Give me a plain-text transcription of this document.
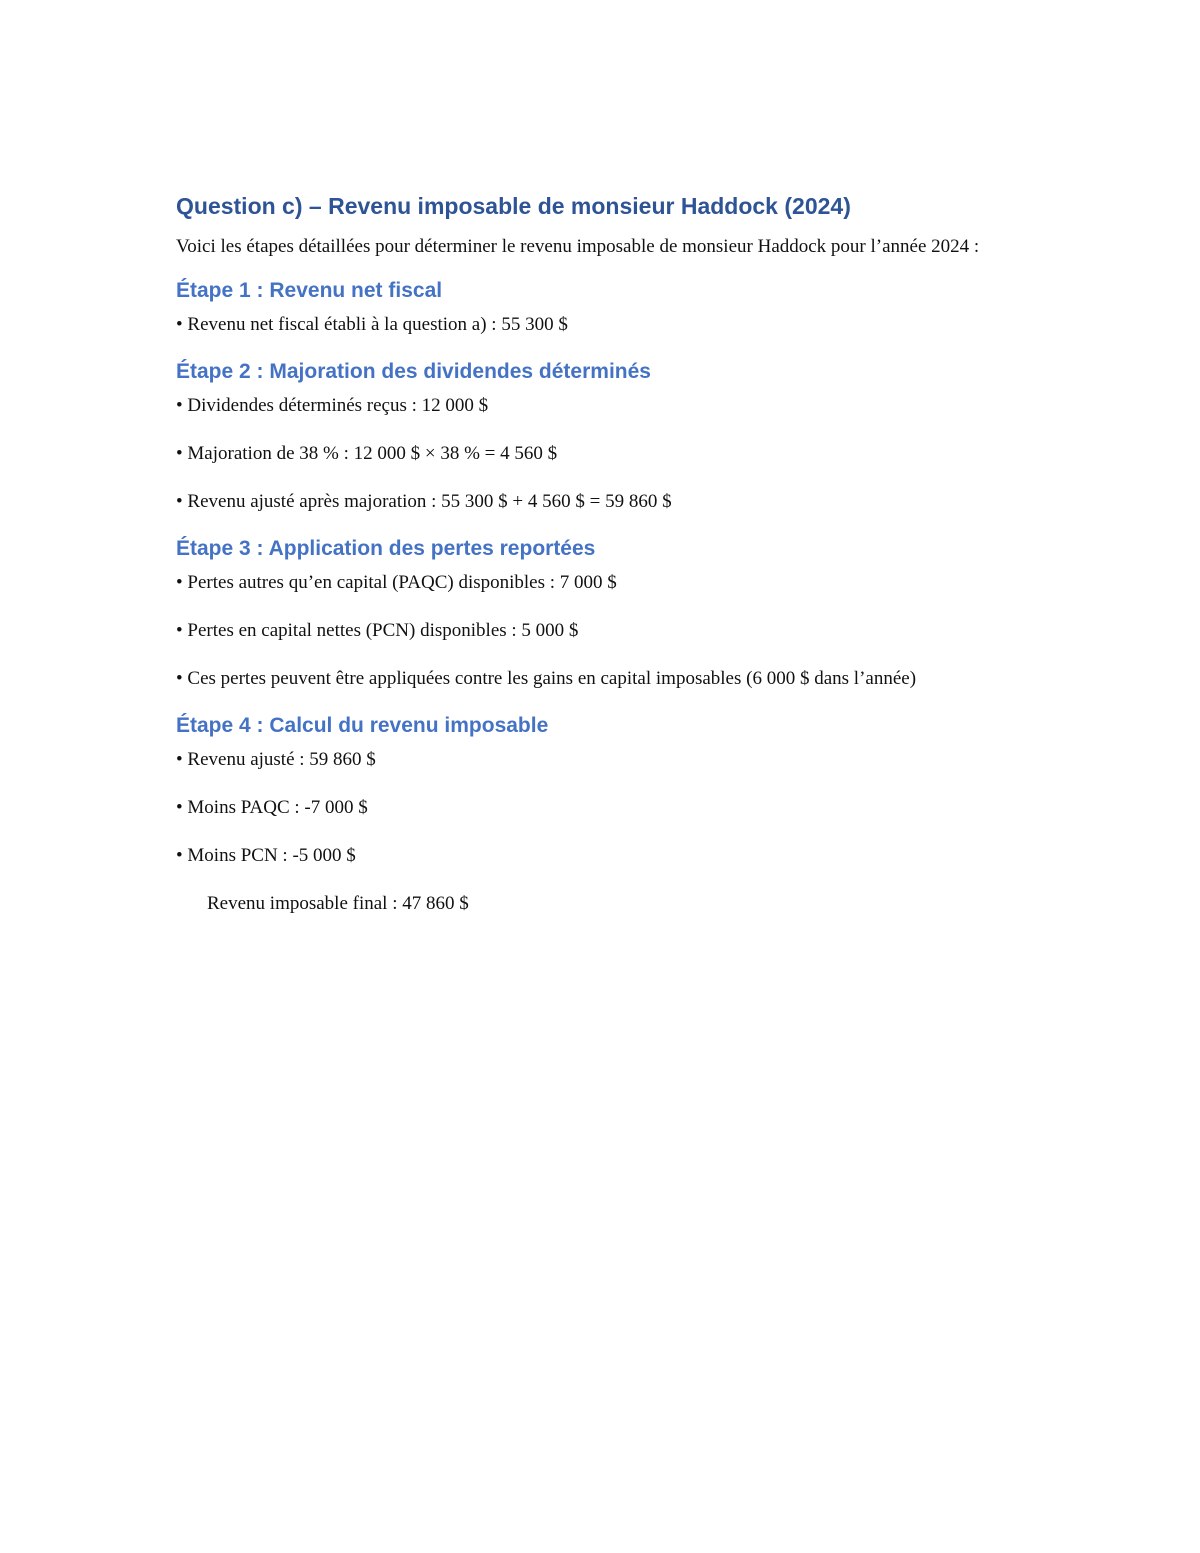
Question c) – Revenu imposable de monsieur Haddock (2024)

Voici les étapes détaillées pour déterminer le revenu imposable de monsieur Haddock pour l’année 2024 :

Étape 1 : Revenu net fiscal

• Revenu net fiscal établi à la question a) : 55 300 $

Étape 2 : Majoration des dividendes déterminés

• Dividendes déterminés reçus : 12 000 $

• Majoration de 38 % : 12 000 $ × 38 % = 4 560 $

• Revenu ajusté après majoration : 55 300 $ + 4 560 $ = 59 860 $

Étape 3 : Application des pertes reportées

• Pertes autres qu’en capital (PAQC) disponibles : 7 000 $

• Pertes en capital nettes (PCN) disponibles : 5 000 $

• Ces pertes peuvent être appliquées contre les gains en capital imposables (6 000 $ dans l’année)

Étape 4 : Calcul du revenu imposable

• Revenu ajusté : 59 860 $

• Moins PAQC : -7 000 $

• Moins PCN : -5 000 $

Revenu imposable final : 47 860 $
